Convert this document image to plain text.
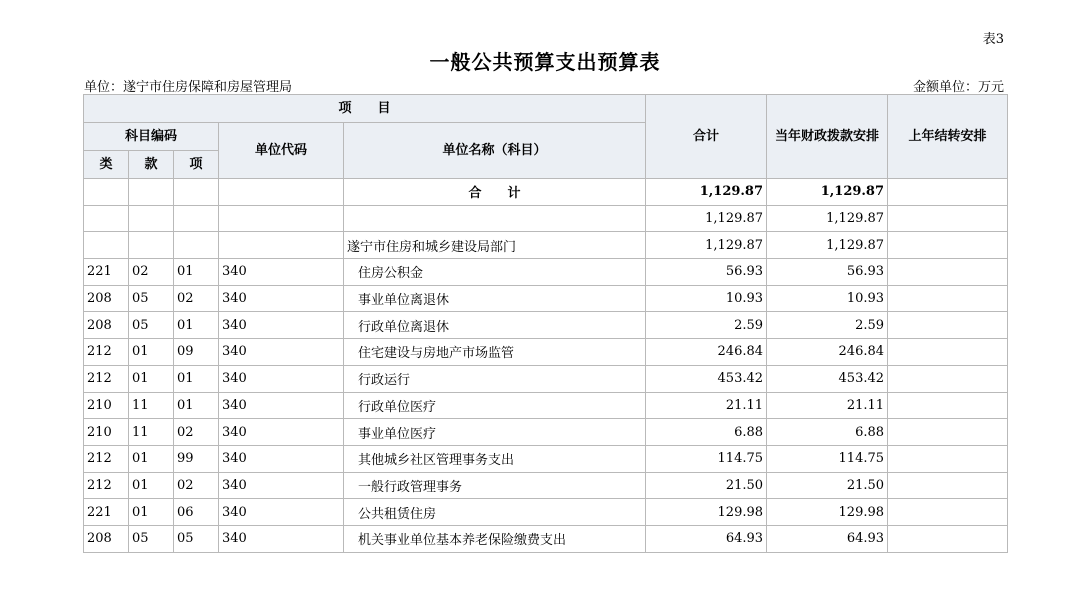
表3
一般公共预算支出预算表
单位：遂宁市住房保障和房屋管理局	金额单位：万元
项　　目					合计	当年财政拨款安排	上年结转安排
科目编码			单位代码	单位名称（科目）			
类	款	项					
				合　　计	1,129.87	1,129.87	
					1,129.87	1,129.87	
				遂宁市住房和城乡建设局部门	1,129.87	1,129.87	
221	02	01	340	住房公积金	56.93	56.93	
208	05	02	340	事业单位离退休	10.93	10.93	
208	05	01	340	行政单位离退休	2.59	2.59	
212	01	09	340	住宅建设与房地产市场监管	246.84	246.84	
212	01	01	340	行政运行	453.42	453.42	
210	11	01	340	行政单位医疗	21.11	21.11	
210	11	02	340	事业单位医疗	6.88	6.88	
212	01	99	340	其他城乡社区管理事务支出	114.75	114.75	
212	01	02	340	一般行政管理事务	21.50	21.50	
221	01	06	340	公共租赁住房	129.98	129.98	
208	05	05	340	机关事业单位基本养老保险缴费支出	64.93	64.93	
